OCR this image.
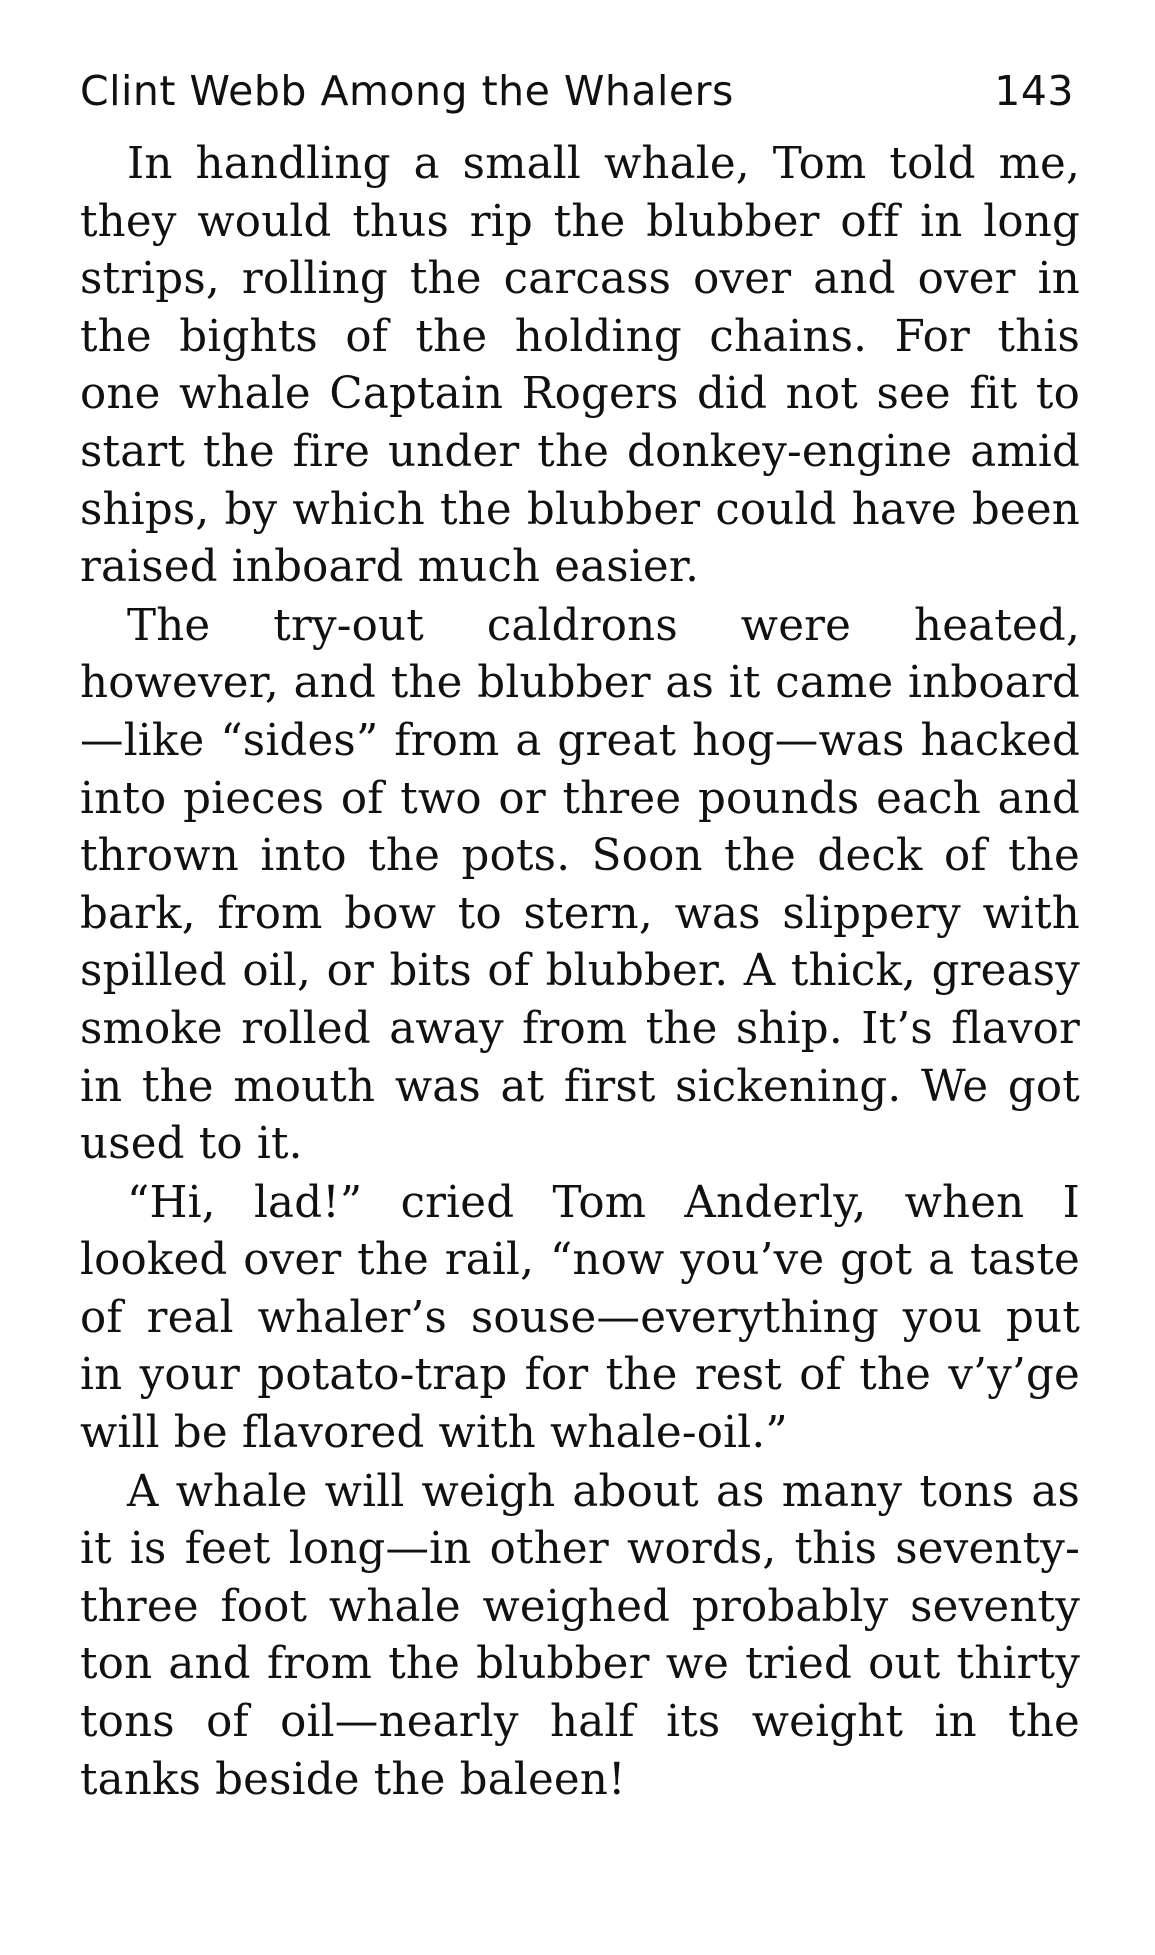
Clint Webb Among the Whalers	143

In handling a small whale, Tom told me, they would thus rip the blubber off in long strips, rolling the carcass over and over in the bights of the holding chains. For this one whale Captain Rogers did not see fit to start the fire under the donkey-engine amid ships, by which the blubber could have been raised inboard much easier.

The try-out caldrons were heated, however, and the blubber as it came inboard—like “sides” from a great hog—was hacked into pieces of two or three pounds each and thrown into the pots. Soon the deck of the bark, from bow to stern, was slippery with spilled oil, or bits of blubber. A thick, greasy smoke rolled away from the ship. It’s flavor in the mouth was at first sickening. We got used to it.

“Hi, lad!” cried Tom Anderly, when I looked over the rail, “now you’ve got a taste of real whaler’s souse—everything you put in your potato-trap for the rest of the v’y’ge will be flavored with whale-oil.”

A whale will weigh about as many tons as it is feet long—in other words, this seventy-three foot whale weighed probably seventy ton and from the blubber we tried out thirty tons of oil—nearly half its weight in the tanks beside the baleen!
